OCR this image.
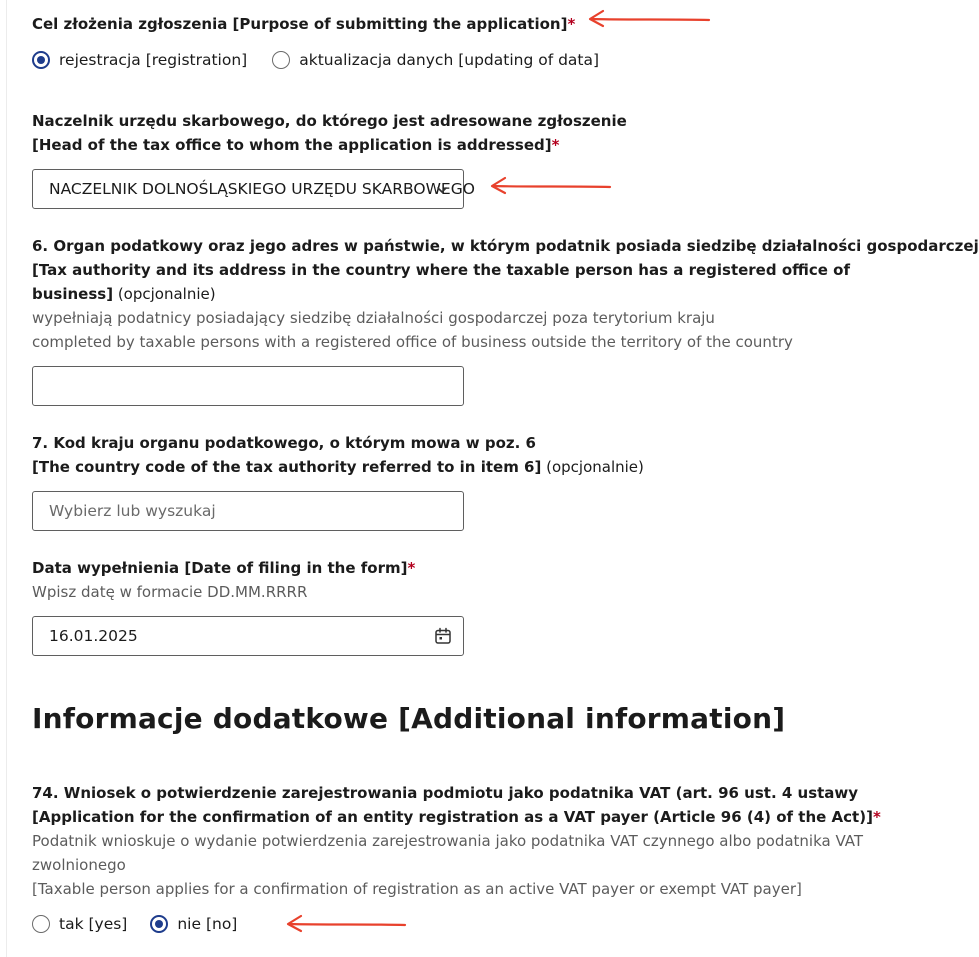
Cel złożenia zgłoszenia [Purpose of submitting the application]*
rejestracja [registration]	aktualizacja danych [updating of data]
Naczelnik urzędu skarbowego, do którego jest adresowane zgłoszenie
[Head of the tax office to whom the application is addressed]*
NACZELNIK DOLNOŚLĄSKIEGO URZĘDU SKARBOWEGO
6. Organ podatkowy oraz jego adres w państwie, w którym podatnik posiada siedzibę działalności gospodarczej
[Tax authority and its address in the country where the taxable person has a registered office of
business] (opcjonalnie)
wypełniają podatnicy posiadający siedzibę działalności gospodarczej poza terytorium kraju
completed by taxable persons with a registered office of business outside the territory of the country
7. Kod kraju organu podatkowego, o którym mowa w poz. 6
[The country code of the tax authority referred to in item 6] (opcjonalnie)
Wybierz lub wyszukaj
Data wypełnienia [Date of filing in the form]*
Wpisz datę w formacie DD.MM.RRRR
16.01.2025
Informacje dodatkowe [Additional information]
74. Wniosek o potwierdzenie zarejestrowania podmiotu jako podatnika VAT (art. 96 ust. 4 ustawy
[Application for the confirmation of an entity registration as a VAT payer (Article 96 (4) of the Act)]*
Podatnik wnioskuje o wydanie potwierdzenia zarejestrowania jako podatnika VAT czynnego albo podatnika VAT
zwolnionego
[Taxable person applies for a confirmation of registration as an active VAT payer or exempt VAT payer]
tak [yes]	nie [no]
